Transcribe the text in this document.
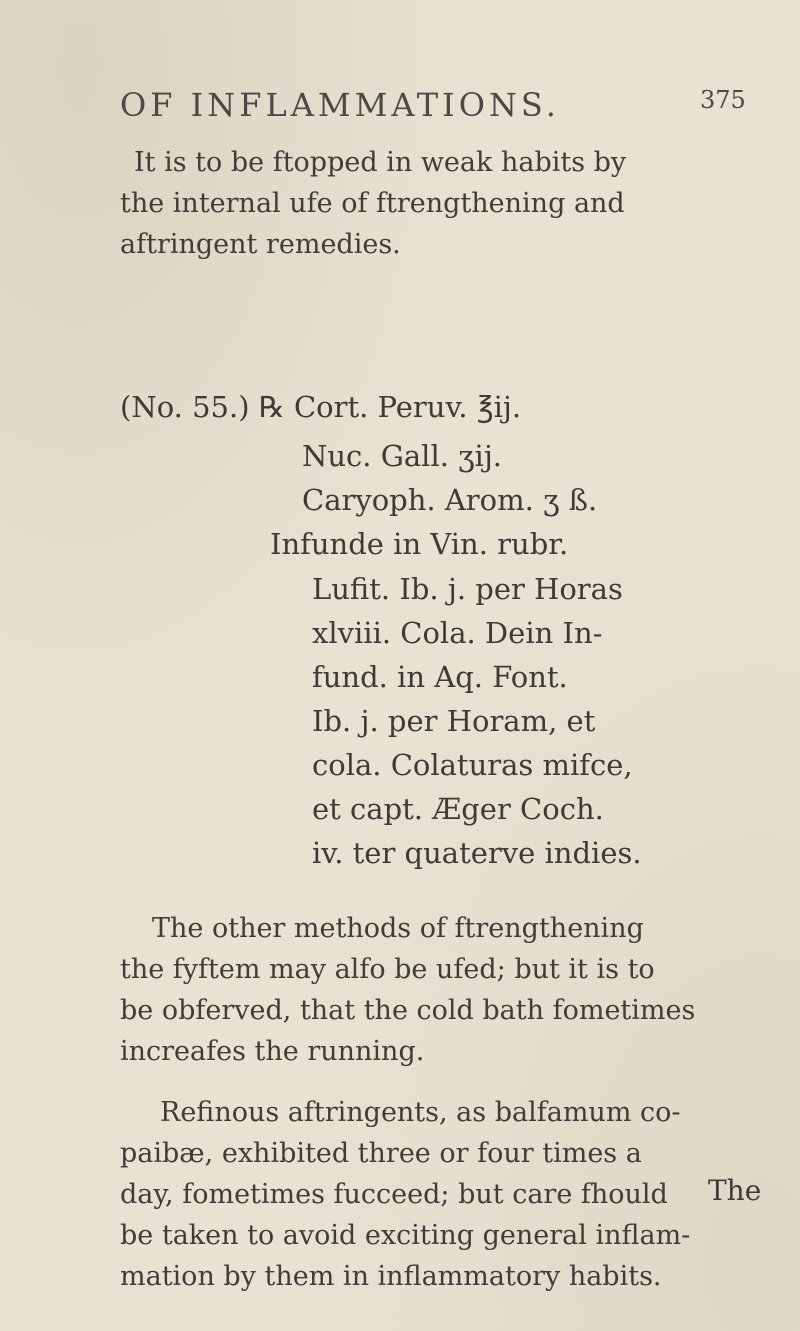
OF INFLAMMATIONS.	375
It is to be ftopped in weak habits by
the internal ufe of ftrengthening and
aftringent remedies.
(No. 55.) ℞ Cort. Peruv. ℥ij.
Nuc. Gall. ʒij.
Caryoph. Arom. ʒ ß.
Infunde in Vin. rubr.
Lufit. Ib. j. per Horas
xlviii. Cola. Dein In-
fund. in Aq. Font.
Ib. j. per Horam, et
cola. Colaturas mifce,
et capt. Æger Coch.
iv. ter quaterve indies.
The other methods of ftrengthening
the fyftem may alfo be ufed; but it is to
be obferved, that the cold bath fometimes
increafes the running.
Refinous aftringents, as balfamum co-
paibæ, exhibited three or four times a
day, fometimes fucceed; but care fhould
be taken to avoid exciting general inflam-
mation by them in inflammatory habits.
The
